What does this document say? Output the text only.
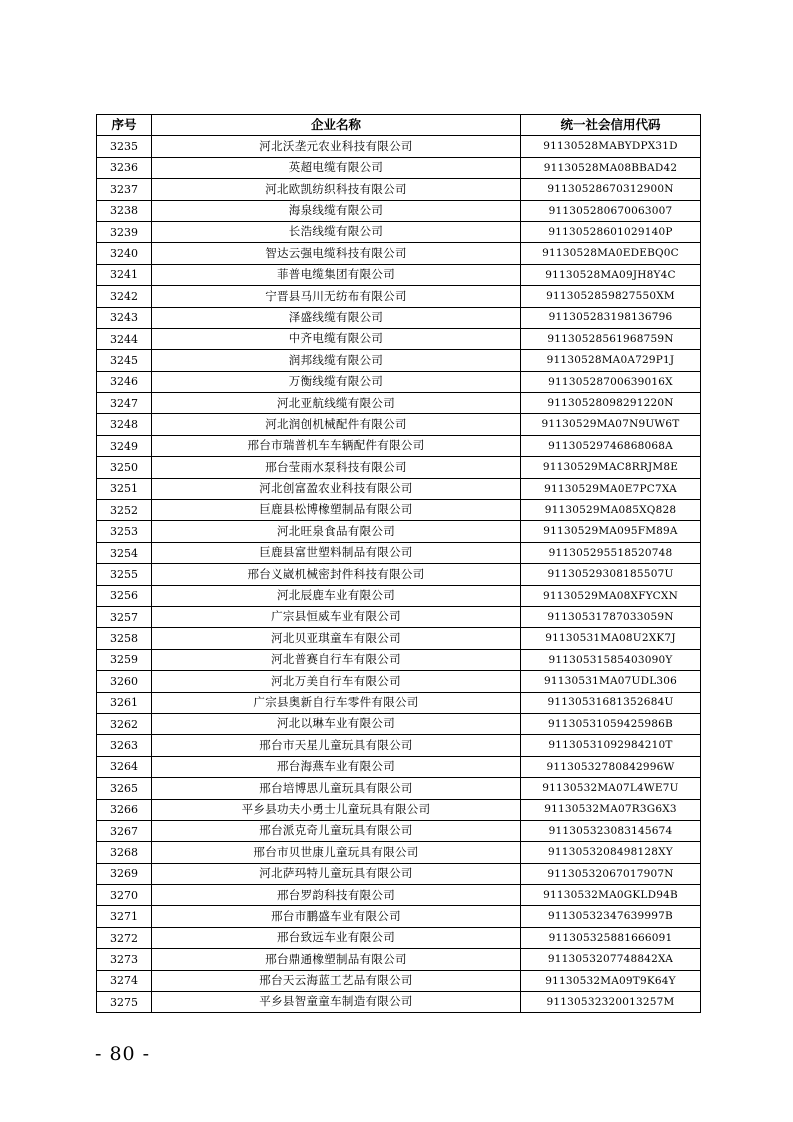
序号	企业名称	统一社会信用代码
3235	河北沃垄元农业科技有限公司	91130528MABYDPX31D
3236	英超电缆有限公司	91130528MA08BBAD42
3237	河北欧凯纺织科技有限公司	91130528670312900N
3238	海泉线缆有限公司	911305280670063007
3239	长浩线缆有限公司	91130528601029140P
3240	智达云强电缆科技有限公司	91130528MA0EDEBQ0C
3241	菲普电缆集团有限公司	91130528MA09JH8Y4C
3242	宁晋县马川无纺布有限公司	9113052859827550XM
3243	泽盛线缆有限公司	911305283198136796
3244	中齐电缆有限公司	91130528561968759N
3245	润邦线缆有限公司	91130528MA0A729P1J
3246	万衡线缆有限公司	91130528700639016X
3247	河北亚航线缆有限公司	91130528098291220N
3248	河北润创机械配件有限公司	91130529MA07N9UW6T
3249	邢台市瑞普机车车辆配件有限公司	91130529746868068A
3250	邢台莹雨水泵科技有限公司	91130529MAC8RRJM8E
3251	河北创富盈农业科技有限公司	91130529MA0E7PC7XA
3252	巨鹿县松博橡塑制品有限公司	91130529MA085XQ828
3253	河北旺泉食品有限公司	91130529MA095FM89A
3254	巨鹿县富世塑料制品有限公司	911305295518520748
3255	邢台义崴机械密封件科技有限公司	91130529308185507U
3256	河北辰鹿车业有限公司	91130529MA08XFYCXN
3257	广宗县恒威车业有限公司	91130531787033059N
3258	河北贝亚琪童车有限公司	91130531MA08U2XK7J
3259	河北普赛自行车有限公司	91130531585403090Y
3260	河北万美自行车有限公司	91130531MA07UDL306
3261	广宗县奥新自行车零件有限公司	91130531681352684U
3262	河北以琳车业有限公司	91130531059425986B
3263	邢台市天星儿童玩具有限公司	91130531092984210T
3264	邢台海燕车业有限公司	91130532780842996W
3265	邢台培博思儿童玩具有限公司	91130532MA07L4WE7U
3266	平乡县功夫小勇士儿童玩具有限公司	91130532MA07R3G6X3
3267	邢台派克奇儿童玩具有限公司	911305323083145674
3268	邢台市贝世康儿童玩具有限公司	9113053208498128XY
3269	河北萨玛特儿童玩具有限公司	91130532067017907N
3270	邢台罗韵科技有限公司	91130532MA0GKLD94B
3271	邢台市鹏盛车业有限公司	91130532347639997B
3272	邢台致远车业有限公司	911305325881666091
3273	邢台鼎通橡塑制品有限公司	9113053207748842XA
3274	邢台天云海蓝工艺品有限公司	91130532MA09T9K64Y
3275	平乡县智童童车制造有限公司	91130532320013257M
- 80 -
